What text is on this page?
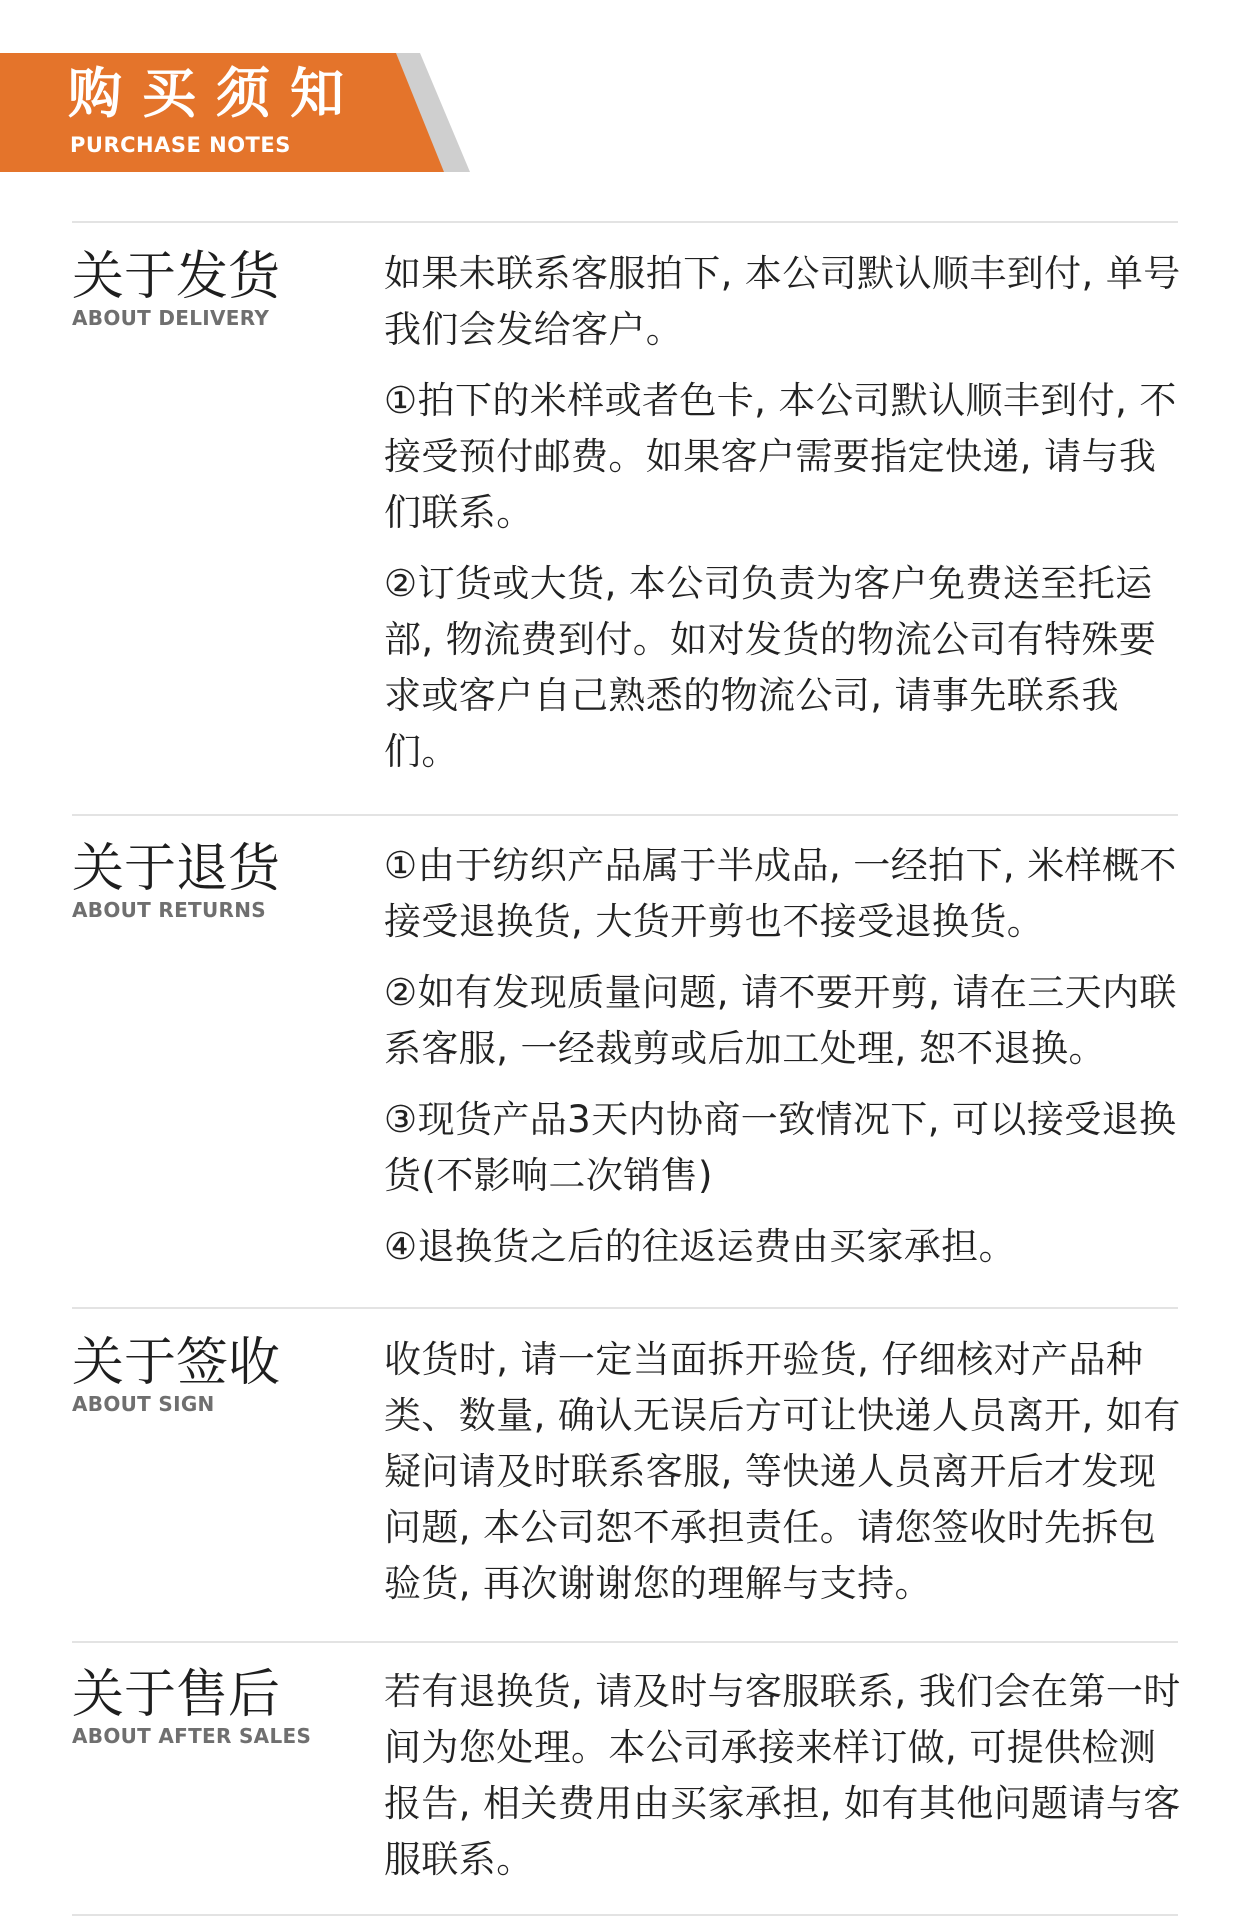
购买须知
PURCHASE NOTES
关于发货
ABOUT DELIVERY

如果未联系客服拍下, 本公司默认顺丰到付, 单号我们会发给客户。

①拍下的米样或者色卡, 本公司默认顺丰到付, 不接受预付邮费。如果客户需要指定快递, 请与我们联系。

②订货或大货, 本公司负责为客户免费送至托运部, 物流费到付。如对发货的物流公司有特殊要求或客户自己熟悉的物流公司, 请事先联系我们。

关于退货
ABOUT RETURNS

①由于纺织产品属于半成品, 一经拍下, 米样概不接受退换货, 大货开剪也不接受退换货。

②如有发现质量问题, 请不要开剪, 请在三天内联系客服, 一经裁剪或后加工处理, 恕不退换。

③现货产品3天内协商一致情况下, 可以接受退换货(不影响二次销售)

④退换货之后的往返运费由买家承担。

关于签收
ABOUT SIGN

收货时, 请一定当面拆开验货, 仔细核对产品种类、数量, 确认无误后方可让快递人员离开, 如有疑问请及时联系客服, 等快递人员离开后才发现问题, 本公司恕不承担责任。请您签收时先拆包验货, 再次谢谢您的理解与支持。

关于售后
ABOUT AFTER SALES

若有退换货, 请及时与客服联系, 我们会在第一时间为您处理。本公司承接来样订做, 可提供检测报告, 相关费用由买家承担, 如有其他问题请与客服联系。
